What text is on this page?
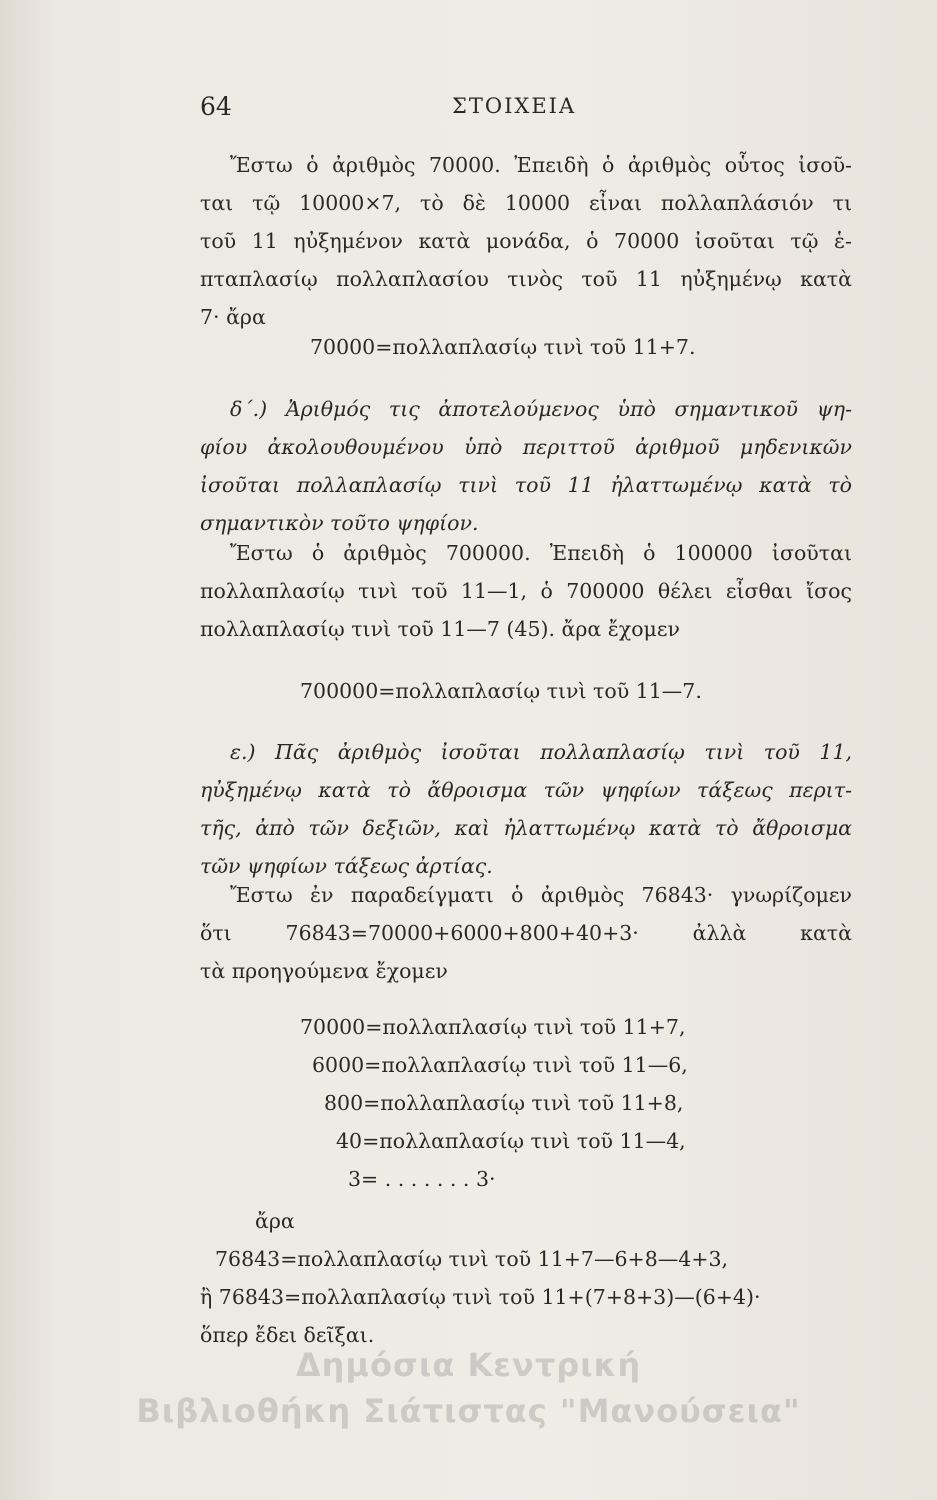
64	ΣΤΟΙΧΕΙΑ
Ἔστω ὁ ἀριθμὸς 70000. Ἐπειδὴ ὁ ἀριθμὸς οὗτος ἰσοῦ-
ται τῷ 10000×7, τὸ δὲ 10000 εἶναι πολλαπλάσιόν τι
τοῦ 11 ηὐξημένον κατὰ μονάδα, ὁ 70000 ἰσοῦται τῷ ἑ-
πταπλασίῳ πολλαπλασίου τινὸς τοῦ 11 ηὐξημένῳ κατὰ
7· ἄρα
70000=πολλαπλασίῳ τινὶ τοῦ 11+7.
δ΄.) Ἀριθμός τις ἀποτελούμενος ὑπὸ σημαντικοῦ ψη-
φίου ἀκολουθουμένου ὑπὸ περιττοῦ ἀριθμοῦ μηδενικῶν
ἰσοῦται πολλαπλασίῳ τινὶ τοῦ 11 ἠλαττωμένῳ κατὰ τὸ
σημαντικὸν τοῦτο ψηφίον.
Ἔστω ὁ ἀριθμὸς 700000. Ἐπειδὴ ὁ 100000 ἰσοῦται
πολλαπλασίῳ τινὶ τοῦ 11—1, ὁ 700000 θέλει εἶσθαι ἴσος
πολλαπλασίῳ τινὶ τοῦ 11—7 (45). ἄρα ἔχομεν
700000=πολλαπλασίῳ τινὶ τοῦ 11—7.
ε.) Πᾶς ἀριθμὸς ἰσοῦται πολλαπλασίῳ τινὶ τοῦ 11,
ηὐξημένῳ κατὰ τὸ ἄθροισμα τῶν ψηφίων τάξεως περιτ-
τῆς, ἀπὸ τῶν δεξιῶν, καὶ ἠλαττωμένῳ κατὰ τὸ ἄθροισμα
τῶν ψηφίων τάξεως ἀρτίας.
Ἔστω ἐν παραδείγματι ὁ ἀριθμὸς 76843· γνωρίζομεν
ὅτι 76843=70000+6000+800+40+3· ἀλλὰ κατὰ
τὰ προηγούμενα ἔχομεν
70000=πολλαπλασίῳ τινὶ τοῦ 11+7,
6000=πολλαπλασίῳ τινὶ τοῦ 11—6,
800=πολλαπλασίῳ τινὶ τοῦ 11+8,
40=πολλαπλασίῳ τινὶ τοῦ 11—4,
3= . . . . . . . 3·
ἄρα
76843=πολλαπλασίῳ τινὶ τοῦ 11+7—6+8—4+3,
ἢ 76843=πολλαπλασίῳ τινὶ τοῦ 11+(7+8+3)—(6+4)·
ὅπερ ἔδει δεῖξαι.
Δημόσια Κεντρική
Βιβλιοθήκη Σιάτιστας "Μανούσεια"
